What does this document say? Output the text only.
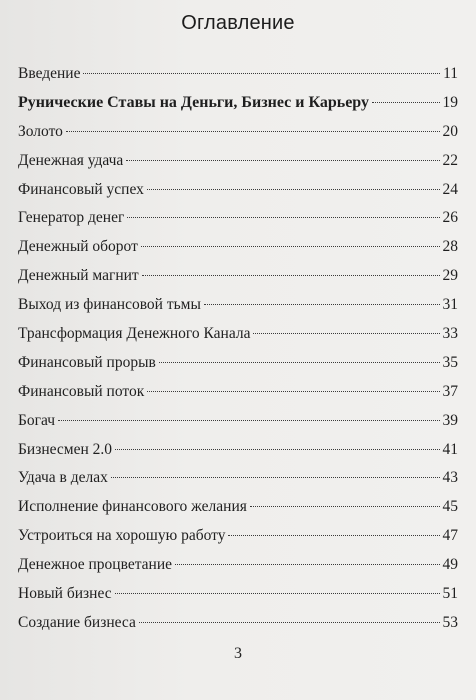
Оглавление
Введение	11
Рунические Ставы на Деньги, Бизнес и Карьеру	19
Золото	20
Денежная удача	22
Финансовый успех	24
Генератор денег	26
Денежный оборот	28
Денежный магнит	29
Выход из финансовой тьмы	31
Трансформация Денежного Канала	33
Финансовый прорыв	35
Финансовый поток	37
Богач	39
Бизнесмен 2.0	41
Удача в делах	43
Исполнение финансового желания	45
Устроиться на хорошую работу	47
Денежное процветание	49
Новый бизнес	51
Создание бизнеса	53
3
